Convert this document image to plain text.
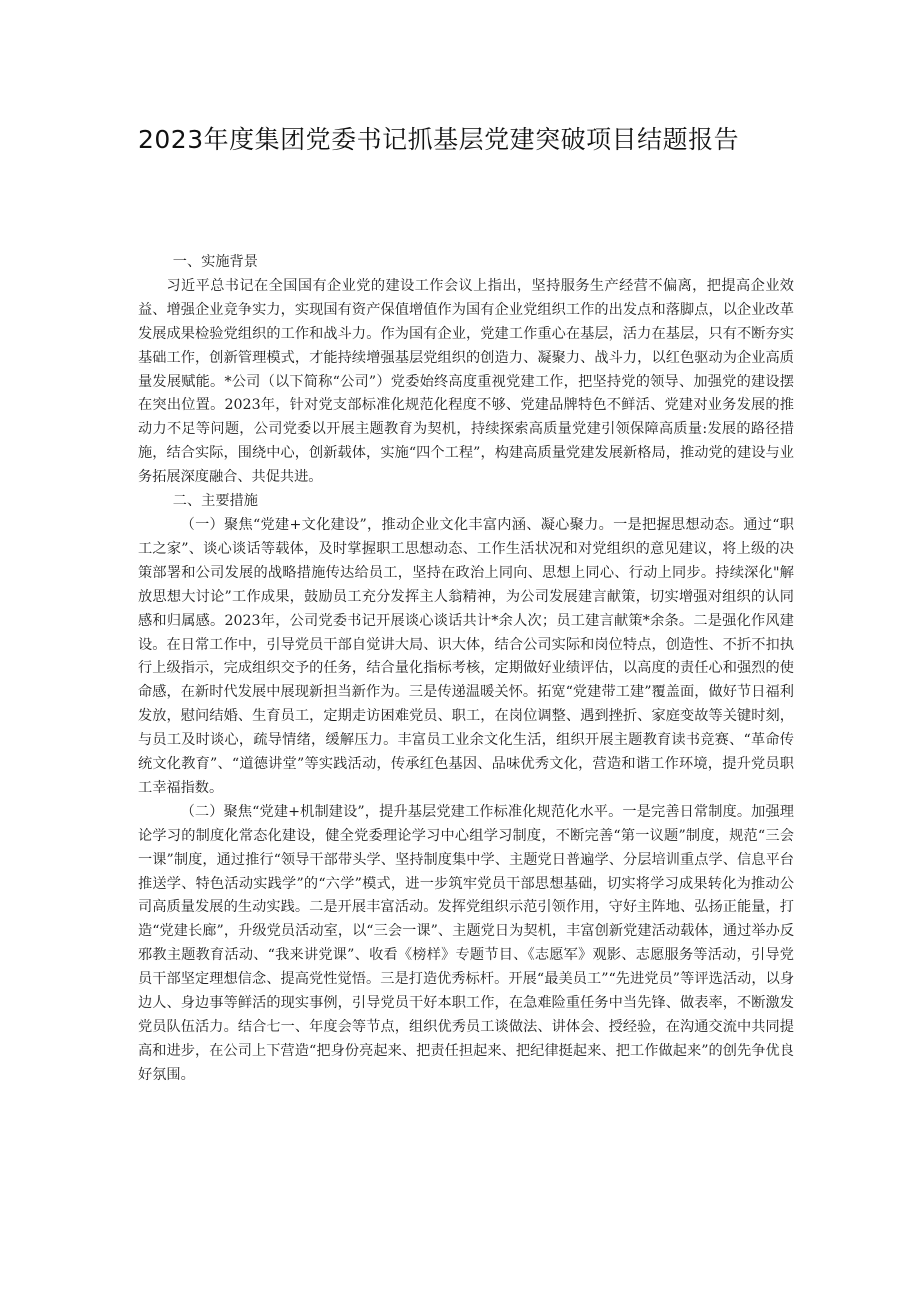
2023年度集团党委书记抓基层党建突破项目结题报告

一、实施背景

习近平总书记在全国国有企业党的建设工作会议上指出，坚持服务生产经营不偏离，把提高企业效益、增强企业竞争实力，实现国有资产保值增值作为国有企业党组织工作的出发点和落脚点，以企业改革发展成果检验党组织的工作和战斗力。作为国有企业，党建工作重心在基层，活力在基层，只有不断夯实基础工作，创新管理模式，才能持续增强基层党组织的创造力、凝聚力、战斗力，以红色驱动为企业高质量发展赋能。*公司（以下简称“公司”）党委始终高度重视党建工作，把坚持党的领导、加强党的建设摆在突出位置。2023年，针对党支部标准化规范化程度不够、党建品牌特色不鲜活、党建对业务发展的推动力不足等问题，公司党委以开展主题教育为契机，持续探索高质量党建引领保障高质量:发展的路径措施，结合实际，围绕中心，创新载体，实施“四个工程”，构建高质量党建发展新格局，推动党的建设与业务拓展深度融合、共促共进。

二、主要措施

（一）聚焦“党建+文化建设”，推动企业文化丰富内涵、凝心聚力。一是把握思想动态。通过“职工之家”、谈心谈话等载体，及时掌握职工思想动态、工作生活状况和对党组织的意见建议，将上级的决策部署和公司发展的战略措施传达给员工，坚持在政治上同向、思想上同心、行动上同步。持续深化"解放思想大讨论”工作成果，鼓励员工充分发挥主人翁精神，为公司发展建言献策，切实增强对组织的认同感和归属感。2023年，公司党委书记开展谈心谈话共计*余人次；员工建言献策*余条。二是强化作风建设。在日常工作中，引导党员干部自觉讲大局、识大体，结合公司实际和岗位特点，创造性、不折不扣执行上级指示，完成组织交予的任务，结合量化指标考核，定期做好业绩评估，以高度的责任心和强烈的使命感，在新时代发展中展现新担当新作为。三是传递温暖关怀。拓宽“党建带工建”覆盖面，做好节日福利发放，慰问结婚、生育员工，定期走访困难党员、职工，在岗位调整、遇到挫折、家庭变故等关键时刻，与员工及时谈心，疏导情绪，缓解压力。丰富员工业余文化生活，组织开展主题教育读书竞赛、“革命传统文化教育”、“道德讲堂”等实践活动，传承红色基因、品味优秀文化，营造和谐工作环境，提升党员职工幸福指数。

（二）聚焦“党建+机制建设”，提升基层党建工作标准化规范化水平。一是完善日常制度。加强理论学习的制度化常态化建设，健全党委理论学习中心组学习制度，不断完善“第一议题”制度，规范“三会一课”制度，通过推行“领导干部带头学、坚持制度集中学、主题党日普遍学、分层培训重点学、信息平台推送学、特色活动实践学”的“六学”模式，进一步筑牢党员干部思想基础，切实将学习成果转化为推动公司高质量发展的生动实践。二是开展丰富活动。发挥党组织示范引领作用，守好主阵地、弘扬正能量，打造“党建长廊”，升级党员活动室，以“三会一课”、主题党日为契机，丰富创新党建活动载体，通过举办反邪教主题教育活动、“我来讲党课”、收看《榜样》专题节目、《志愿军》观影、志愿服务等活动，引导党员干部坚定理想信念、提高党性觉悟。三是打造优秀标杆。开展“最美员工”“先进党员”等评选活动，以身边人、身边事等鲜活的现实事例，引导党员干好本职工作，在急难险重任务中当先锋、做表率，不断激发党员队伍活力。结合七一、年度会等节点，组织优秀员工谈做法、讲体会、授经验，在沟通交流中共同提高和进步，在公司上下营造“把身份亮起来、把责任担起来、把纪律挺起来、把工作做起来”的创先争优良好氛围。
